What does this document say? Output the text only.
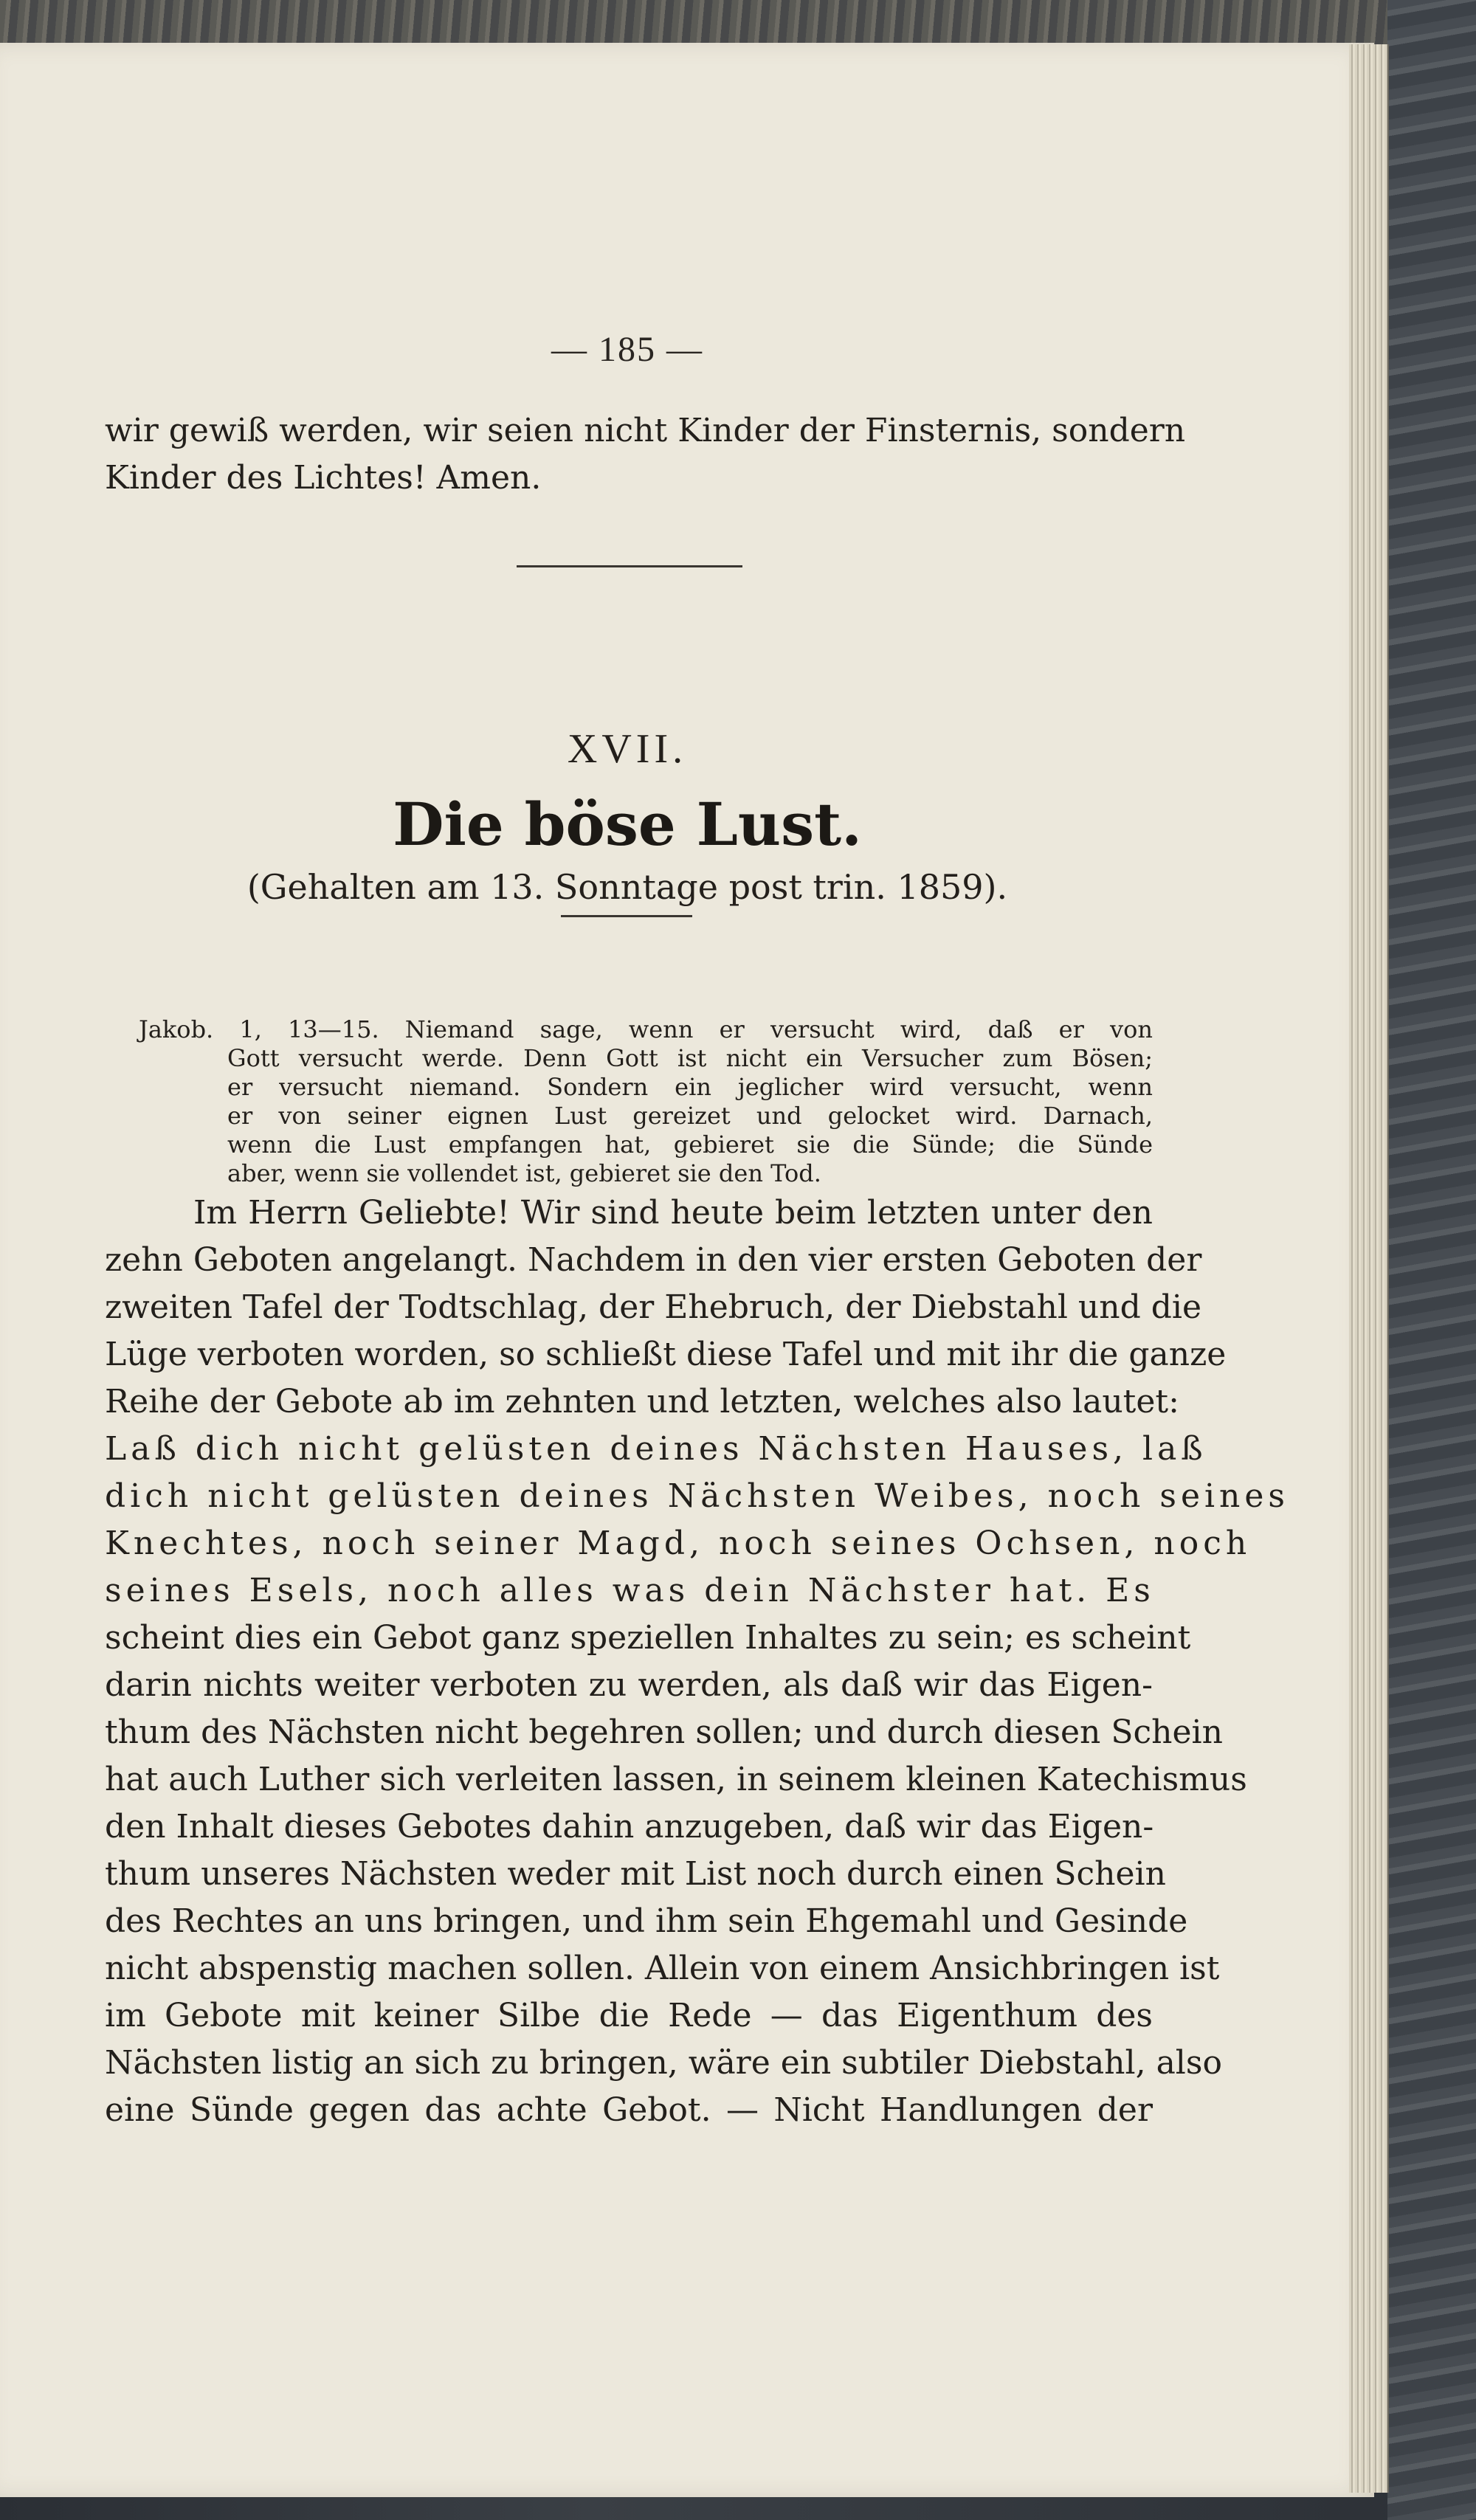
— 185 —
wir gewiß werden, wir seien nicht Kinder der Finsternis, sondern
Kinder des Lichtes! Amen.
XVII.
Die böse Lust.
(Gehalten am 13. Sonntage post trin. 1859).
Jakob. 1, 13—15. Niemand sage, wenn er versucht wird, daß er von
Gott versucht werde. Denn Gott ist nicht ein Versucher zum Bösen;
er versucht niemand. Sondern ein jeglicher wird versucht, wenn
er von seiner eignen Lust gereizet und gelocket wird. Darnach,
wenn die Lust empfangen hat, gebieret sie die Sünde; die Sünde
aber, wenn sie vollendet ist, gebieret sie den Tod.
Im Herrn Geliebte! Wir sind heute beim letzten unter den
zehn Geboten angelangt. Nachdem in den vier ersten Geboten der
zweiten Tafel der Todtschlag, der Ehebruch, der Diebstahl und die
Lüge verboten worden, so schließt diese Tafel und mit ihr die ganze
Reihe der Gebote ab im zehnten und letzten, welches also lautet:
Laß dich nicht gelüsten deines Nächsten Hauses, laß
dich nicht gelüsten deines Nächsten Weibes, noch seines
Knechtes, noch seiner Magd, noch seines Ochsen, noch
seines Esels, noch alles was dein Nächster hat. Es
scheint dies ein Gebot ganz speziellen Inhaltes zu sein; es scheint
darin nichts weiter verboten zu werden, als daß wir das Eigen-
thum des Nächsten nicht begehren sollen; und durch diesen Schein
hat auch Luther sich verleiten lassen, in seinem kleinen Katechismus
den Inhalt dieses Gebotes dahin anzugeben, daß wir das Eigen-
thum unseres Nächsten weder mit List noch durch einen Schein
des Rechtes an uns bringen, und ihm sein Ehgemahl und Gesinde
nicht abspenstig machen sollen. Allein von einem Ansichbringen ist
im Gebote mit keiner Silbe die Rede — das Eigenthum des
Nächsten listig an sich zu bringen, wäre ein subtiler Diebstahl, also
eine Sünde gegen das achte Gebot. — Nicht Handlungen der
